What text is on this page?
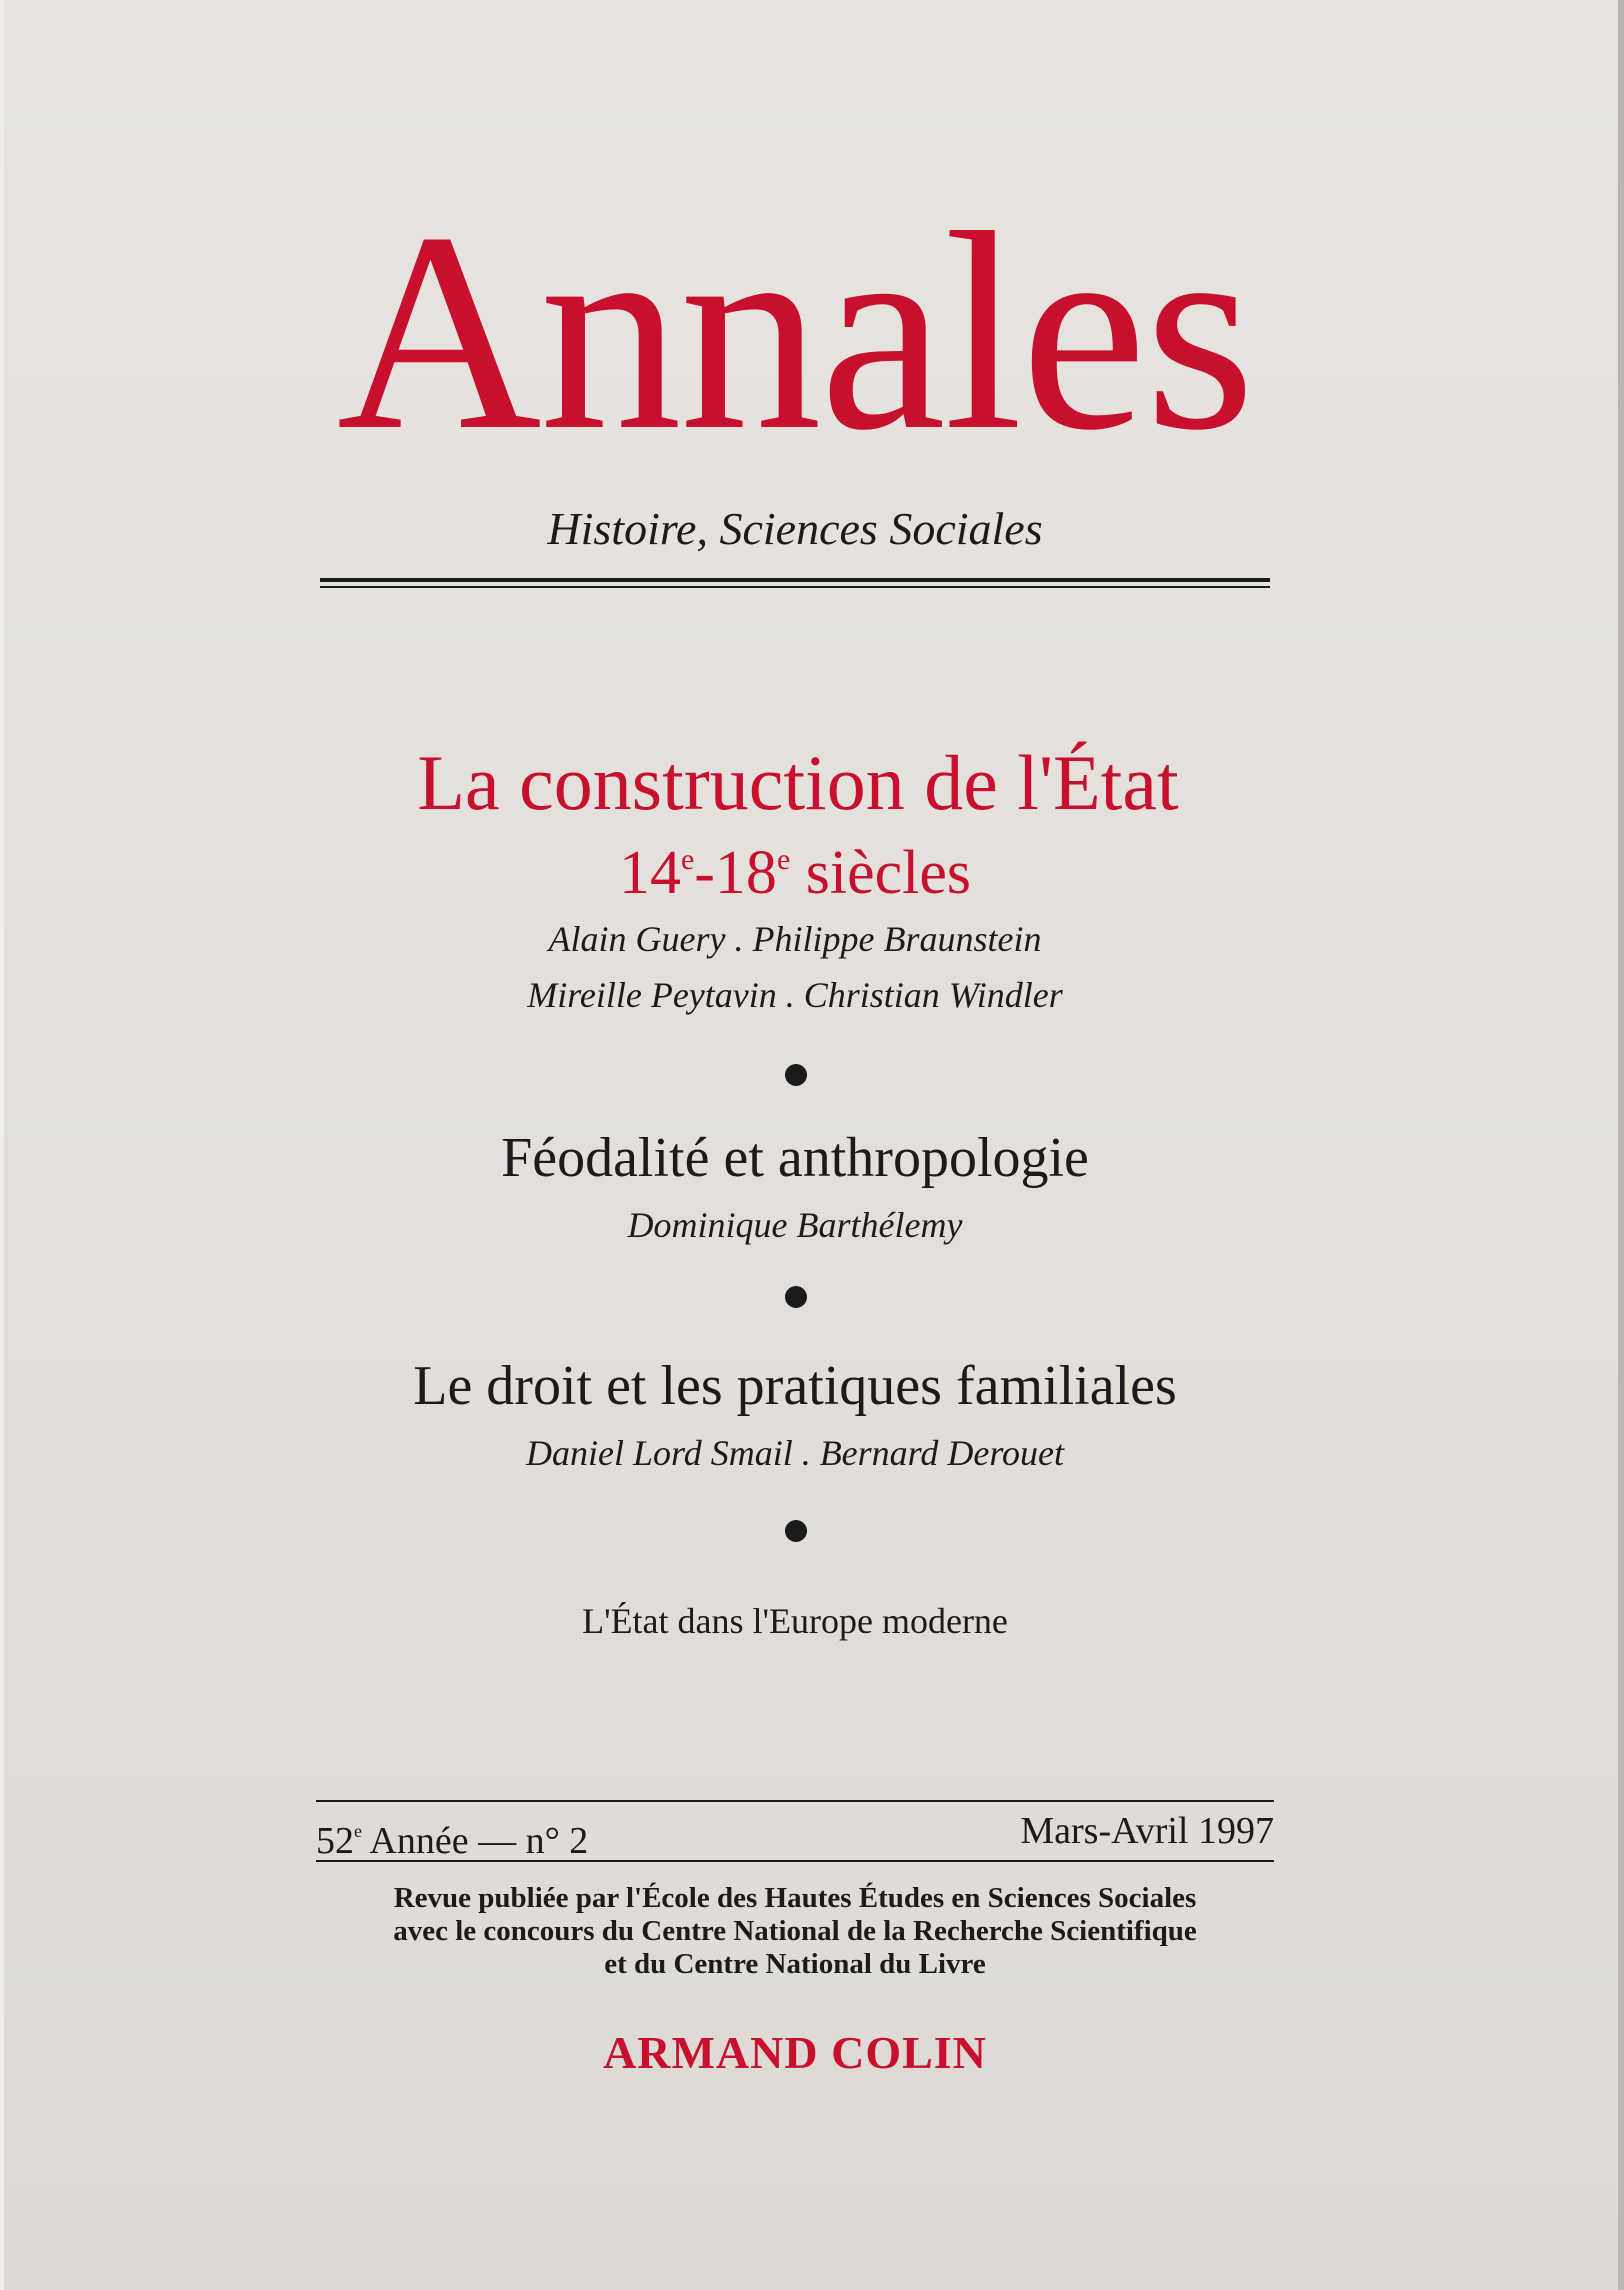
Annales
Histoire, Sciences Sociales
La construction de l'État
14e-18e siècles
Alain Guery . Philippe Braunstein
Mireille Peytavin . Christian Windler
Féodalité et anthropologie
Dominique Barthélemy
Le droit et les pratiques familiales
Daniel Lord Smail . Bernard Derouet
L'État dans l'Europe moderne
52e Année — n° 2	Mars-Avril 1997
Revue publiée par l'École des Hautes Études en Sciences Sociales
avec le concours du Centre National de la Recherche Scientifique
et du Centre National du Livre
ARMAND COLIN
